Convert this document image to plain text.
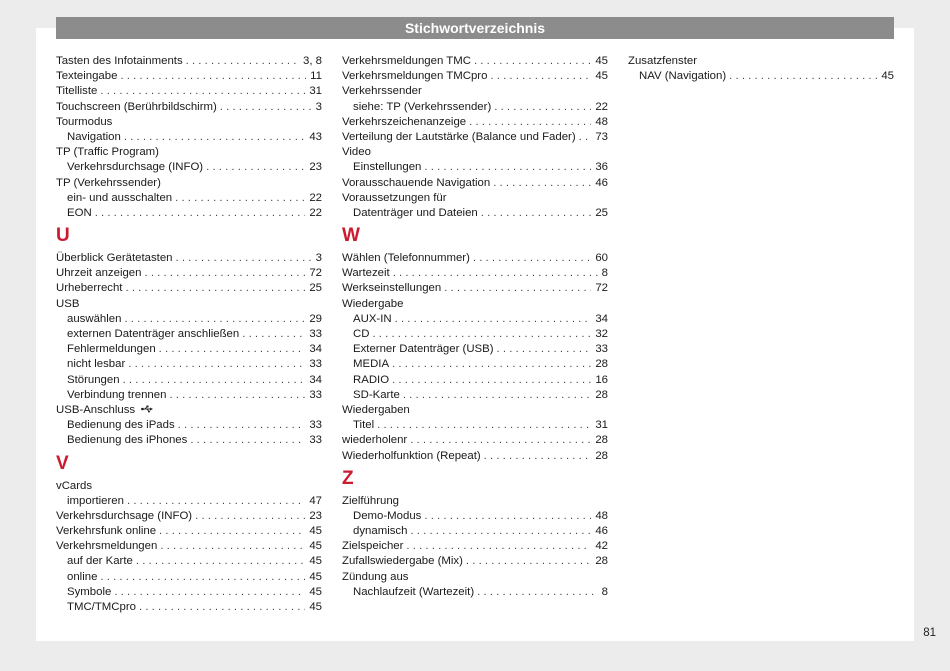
Stichwortverzeichnis
Tasten des Infotainments . . .	3, 8
Texteingabe . . .	11
Titelliste . . .	31
Touchscreen (Berührbildschirm) . . .	3
Tourmodus
Navigation . . .	43
TP (Traffic Program)
Verkehrsdurchsage (INFO) . . .	23
TP (Verkehrssender)
ein- und ausschalten . . .	22
EON . . .	22
U
Überblick Gerätetasten . . .	3
Uhrzeit anzeigen . . .	72
Urheberrecht . . .	25
USB
auswählen . . .	29
externen Datenträger anschließen . . .	33
Fehlermeldungen . . .	34
nicht lesbar . . .	33
Störungen . . .	34
Verbindung trennen . . .	33
USB-Anschluss
Bedienung des iPads . . .	33
Bedienung des iPhones . . .	33
V
vCards
importieren . . .	47
Verkehrsdurchsage (INFO) . . .	23
Verkehrsfunk online . . .	45
Verkehrsmeldungen . . .	45
auf der Karte . . .	45
online . . .	45
Symbole . . .	45
TMC/TMCpro . . .	45
Verkehrsmeldungen TMC . . .	45
Verkehrsmeldungen TMCpro . . .	45
Verkehrssender
siehe: TP (Verkehrssender) . . .	22
Verkehrszeichenanzeige . . .	48
Verteilung der Lautstärke (Balance und Fader) . . .	73
Video
Einstellungen . . .	36
Vorausschauende Navigation . . .	46
Voraussetzungen für
Datenträger und Dateien . . .	25
W
Wählen (Telefonnummer) . . .	60
Wartezeit . . .	8
Werkseinstellungen . . .	72
Wiedergabe
AUX-IN . . .	34
CD . . .	32
Externer Datenträger (USB) . . .	33
MEDIA . . .	28
RADIO . . .	16
SD-Karte . . .	28
Wiedergaben
Titel . . .	31
wiederholenr . . .	28
Wiederholfunktion (Repeat) . . .	28
Z
Zielführung
Demo-Modus . . .	48
dynamisch . . .	46
Zielspeicher . . .	42
Zufallswiedergabe (Mix) . . .	28
Zündung aus
Nachlaufzeit (Wartezeit) . . .	8
Zusatzfenster
NAV (Navigation) . . .	45
81
